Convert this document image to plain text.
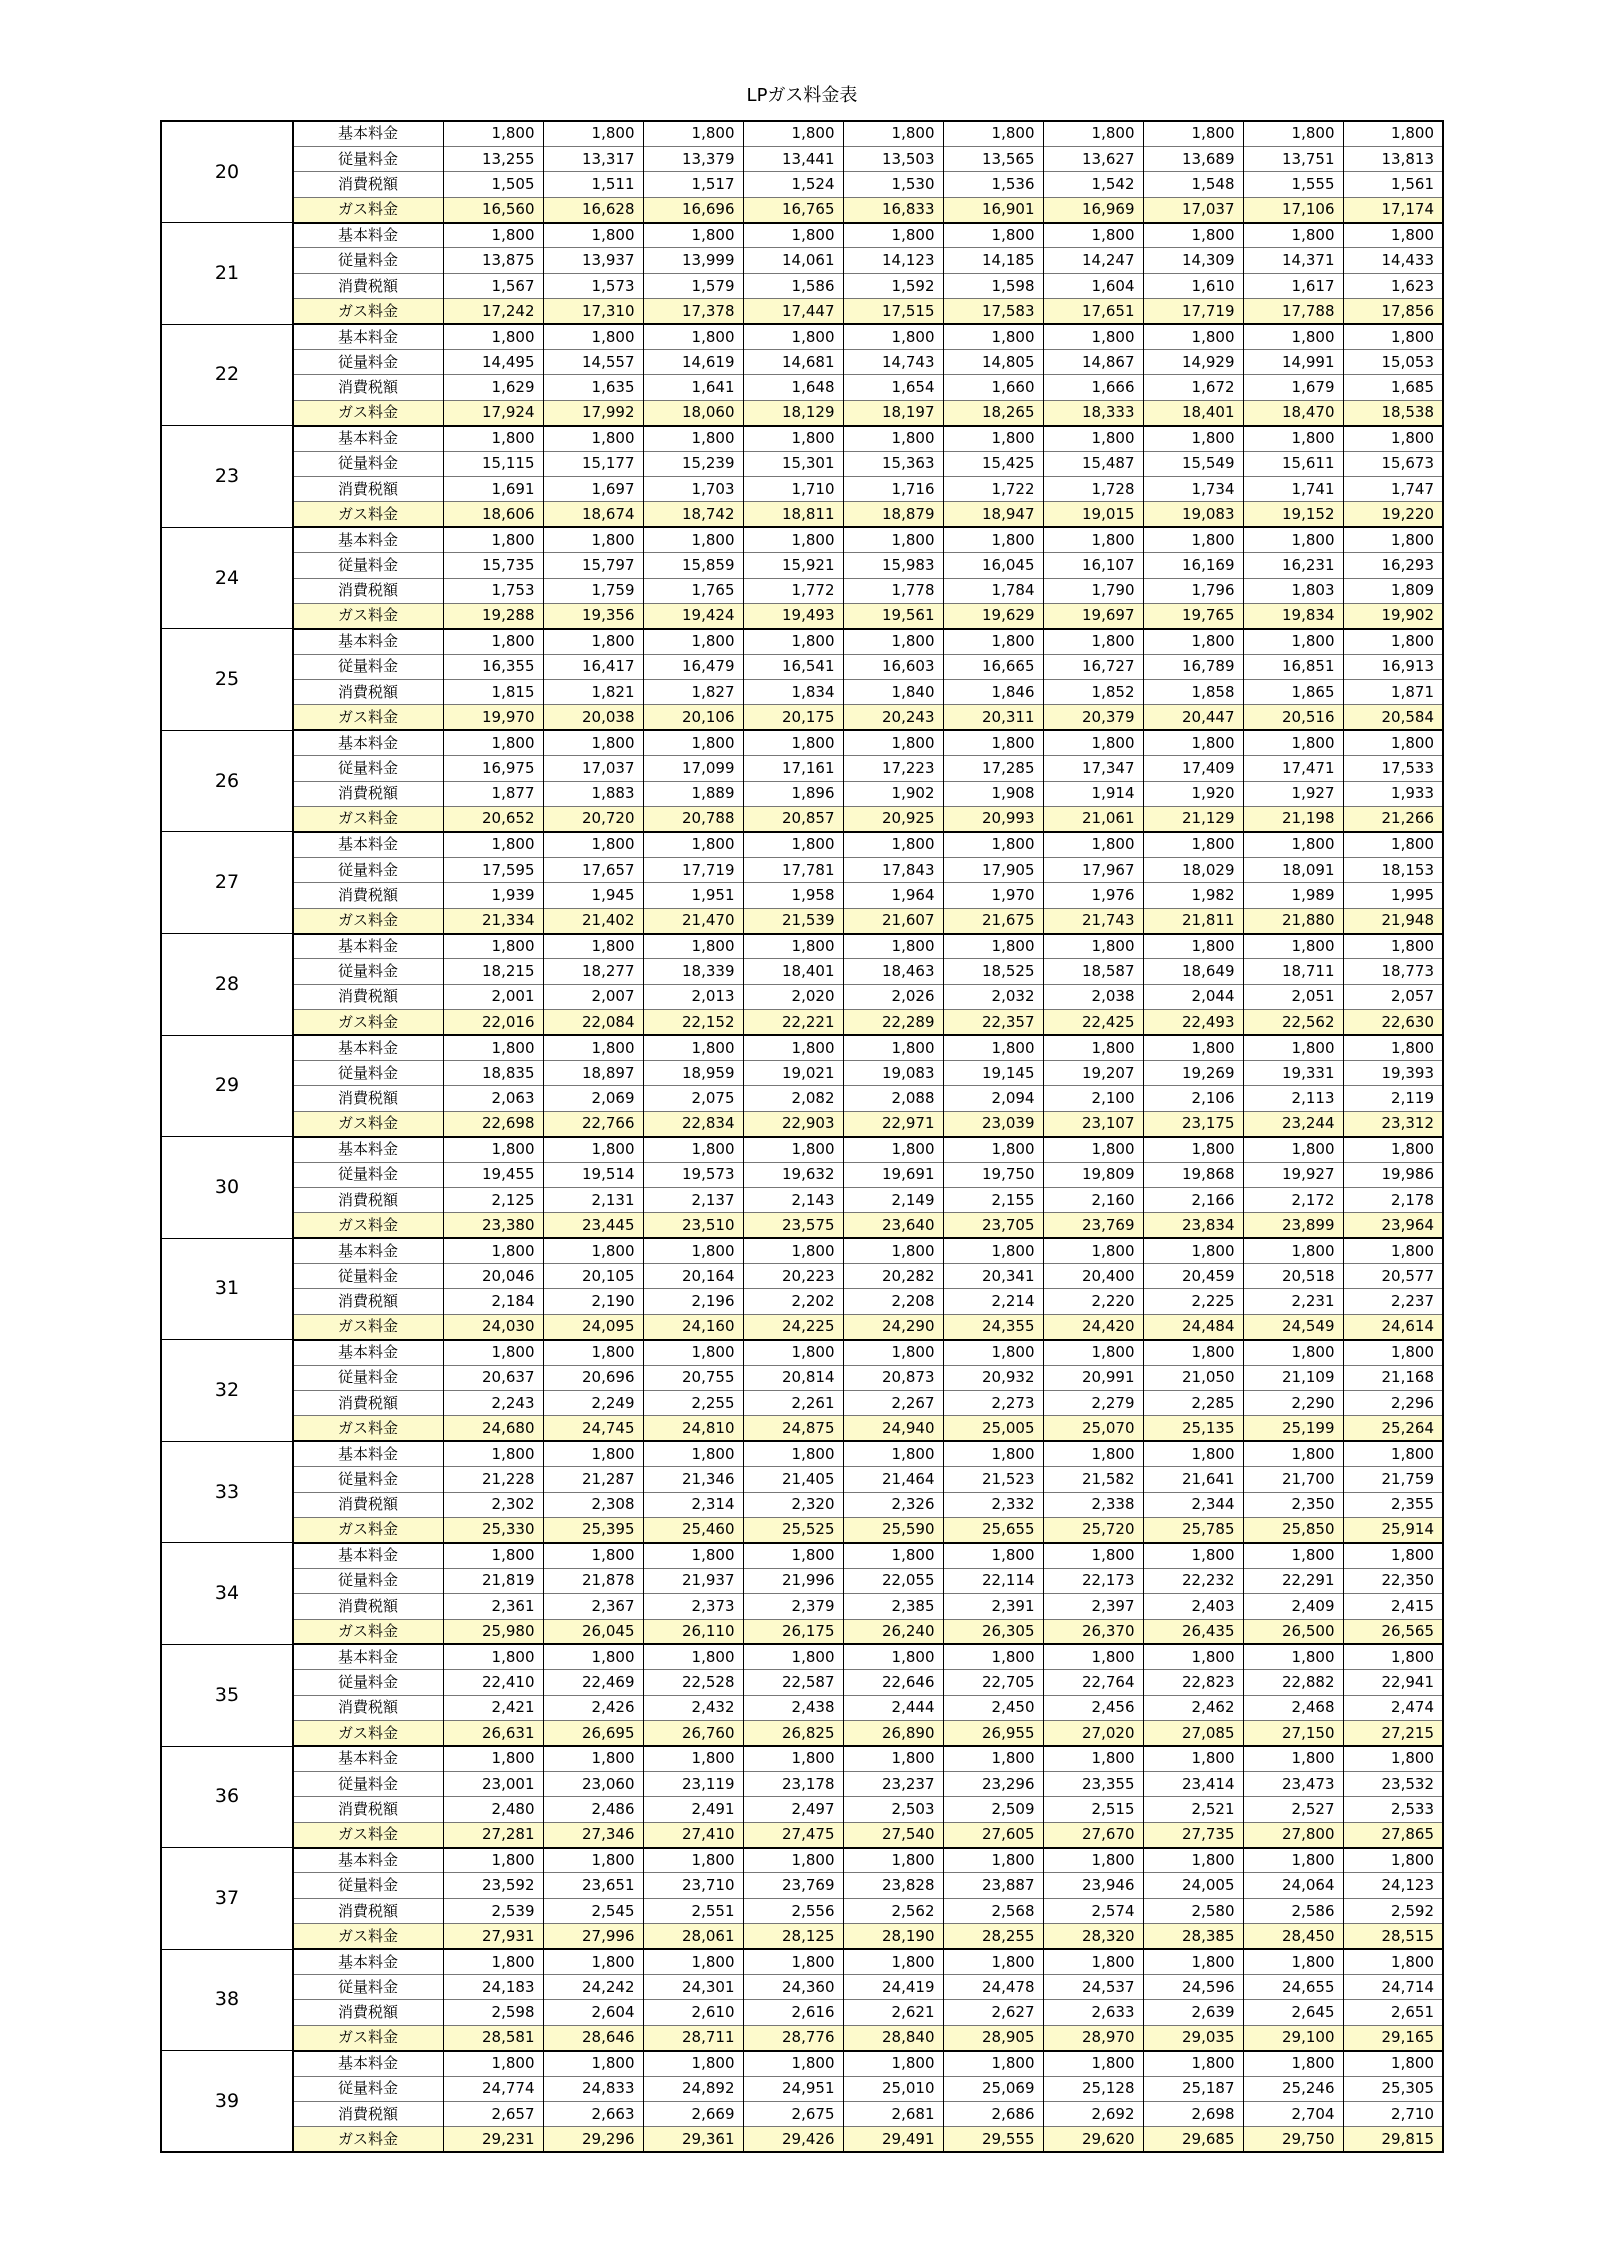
LPガス料金表
20	基本料金	1,800	1,800	1,800	1,800	1,800	1,800	1,800	1,800	1,800	1,800
	従量料金	13,255	13,317	13,379	13,441	13,503	13,565	13,627	13,689	13,751	13,813
	消費税額	1,505	1,511	1,517	1,524	1,530	1,536	1,542	1,548	1,555	1,561
	ガス料金	16,560	16,628	16,696	16,765	16,833	16,901	16,969	17,037	17,106	17,174
21	基本料金	1,800	1,800	1,800	1,800	1,800	1,800	1,800	1,800	1,800	1,800
	従量料金	13,875	13,937	13,999	14,061	14,123	14,185	14,247	14,309	14,371	14,433
	消費税額	1,567	1,573	1,579	1,586	1,592	1,598	1,604	1,610	1,617	1,623
	ガス料金	17,242	17,310	17,378	17,447	17,515	17,583	17,651	17,719	17,788	17,856
22	基本料金	1,800	1,800	1,800	1,800	1,800	1,800	1,800	1,800	1,800	1,800
	従量料金	14,495	14,557	14,619	14,681	14,743	14,805	14,867	14,929	14,991	15,053
	消費税額	1,629	1,635	1,641	1,648	1,654	1,660	1,666	1,672	1,679	1,685
	ガス料金	17,924	17,992	18,060	18,129	18,197	18,265	18,333	18,401	18,470	18,538
23	基本料金	1,800	1,800	1,800	1,800	1,800	1,800	1,800	1,800	1,800	1,800
	従量料金	15,115	15,177	15,239	15,301	15,363	15,425	15,487	15,549	15,611	15,673
	消費税額	1,691	1,697	1,703	1,710	1,716	1,722	1,728	1,734	1,741	1,747
	ガス料金	18,606	18,674	18,742	18,811	18,879	18,947	19,015	19,083	19,152	19,220
24	基本料金	1,800	1,800	1,800	1,800	1,800	1,800	1,800	1,800	1,800	1,800
	従量料金	15,735	15,797	15,859	15,921	15,983	16,045	16,107	16,169	16,231	16,293
	消費税額	1,753	1,759	1,765	1,772	1,778	1,784	1,790	1,796	1,803	1,809
	ガス料金	19,288	19,356	19,424	19,493	19,561	19,629	19,697	19,765	19,834	19,902
25	基本料金	1,800	1,800	1,800	1,800	1,800	1,800	1,800	1,800	1,800	1,800
	従量料金	16,355	16,417	16,479	16,541	16,603	16,665	16,727	16,789	16,851	16,913
	消費税額	1,815	1,821	1,827	1,834	1,840	1,846	1,852	1,858	1,865	1,871
	ガス料金	19,970	20,038	20,106	20,175	20,243	20,311	20,379	20,447	20,516	20,584
26	基本料金	1,800	1,800	1,800	1,800	1,800	1,800	1,800	1,800	1,800	1,800
	従量料金	16,975	17,037	17,099	17,161	17,223	17,285	17,347	17,409	17,471	17,533
	消費税額	1,877	1,883	1,889	1,896	1,902	1,908	1,914	1,920	1,927	1,933
	ガス料金	20,652	20,720	20,788	20,857	20,925	20,993	21,061	21,129	21,198	21,266
27	基本料金	1,800	1,800	1,800	1,800	1,800	1,800	1,800	1,800	1,800	1,800
	従量料金	17,595	17,657	17,719	17,781	17,843	17,905	17,967	18,029	18,091	18,153
	消費税額	1,939	1,945	1,951	1,958	1,964	1,970	1,976	1,982	1,989	1,995
	ガス料金	21,334	21,402	21,470	21,539	21,607	21,675	21,743	21,811	21,880	21,948
28	基本料金	1,800	1,800	1,800	1,800	1,800	1,800	1,800	1,800	1,800	1,800
	従量料金	18,215	18,277	18,339	18,401	18,463	18,525	18,587	18,649	18,711	18,773
	消費税額	2,001	2,007	2,013	2,020	2,026	2,032	2,038	2,044	2,051	2,057
	ガス料金	22,016	22,084	22,152	22,221	22,289	22,357	22,425	22,493	22,562	22,630
29	基本料金	1,800	1,800	1,800	1,800	1,800	1,800	1,800	1,800	1,800	1,800
	従量料金	18,835	18,897	18,959	19,021	19,083	19,145	19,207	19,269	19,331	19,393
	消費税額	2,063	2,069	2,075	2,082	2,088	2,094	2,100	2,106	2,113	2,119
	ガス料金	22,698	22,766	22,834	22,903	22,971	23,039	23,107	23,175	23,244	23,312
30	基本料金	1,800	1,800	1,800	1,800	1,800	1,800	1,800	1,800	1,800	1,800
	従量料金	19,455	19,514	19,573	19,632	19,691	19,750	19,809	19,868	19,927	19,986
	消費税額	2,125	2,131	2,137	2,143	2,149	2,155	2,160	2,166	2,172	2,178
	ガス料金	23,380	23,445	23,510	23,575	23,640	23,705	23,769	23,834	23,899	23,964
31	基本料金	1,800	1,800	1,800	1,800	1,800	1,800	1,800	1,800	1,800	1,800
	従量料金	20,046	20,105	20,164	20,223	20,282	20,341	20,400	20,459	20,518	20,577
	消費税額	2,184	2,190	2,196	2,202	2,208	2,214	2,220	2,225	2,231	2,237
	ガス料金	24,030	24,095	24,160	24,225	24,290	24,355	24,420	24,484	24,549	24,614
32	基本料金	1,800	1,800	1,800	1,800	1,800	1,800	1,800	1,800	1,800	1,800
	従量料金	20,637	20,696	20,755	20,814	20,873	20,932	20,991	21,050	21,109	21,168
	消費税額	2,243	2,249	2,255	2,261	2,267	2,273	2,279	2,285	2,290	2,296
	ガス料金	24,680	24,745	24,810	24,875	24,940	25,005	25,070	25,135	25,199	25,264
33	基本料金	1,800	1,800	1,800	1,800	1,800	1,800	1,800	1,800	1,800	1,800
	従量料金	21,228	21,287	21,346	21,405	21,464	21,523	21,582	21,641	21,700	21,759
	消費税額	2,302	2,308	2,314	2,320	2,326	2,332	2,338	2,344	2,350	2,355
	ガス料金	25,330	25,395	25,460	25,525	25,590	25,655	25,720	25,785	25,850	25,914
34	基本料金	1,800	1,800	1,800	1,800	1,800	1,800	1,800	1,800	1,800	1,800
	従量料金	21,819	21,878	21,937	21,996	22,055	22,114	22,173	22,232	22,291	22,350
	消費税額	2,361	2,367	2,373	2,379	2,385	2,391	2,397	2,403	2,409	2,415
	ガス料金	25,980	26,045	26,110	26,175	26,240	26,305	26,370	26,435	26,500	26,565
35	基本料金	1,800	1,800	1,800	1,800	1,800	1,800	1,800	1,800	1,800	1,800
	従量料金	22,410	22,469	22,528	22,587	22,646	22,705	22,764	22,823	22,882	22,941
	消費税額	2,421	2,426	2,432	2,438	2,444	2,450	2,456	2,462	2,468	2,474
	ガス料金	26,631	26,695	26,760	26,825	26,890	26,955	27,020	27,085	27,150	27,215
36	基本料金	1,800	1,800	1,800	1,800	1,800	1,800	1,800	1,800	1,800	1,800
	従量料金	23,001	23,060	23,119	23,178	23,237	23,296	23,355	23,414	23,473	23,532
	消費税額	2,480	2,486	2,491	2,497	2,503	2,509	2,515	2,521	2,527	2,533
	ガス料金	27,281	27,346	27,410	27,475	27,540	27,605	27,670	27,735	27,800	27,865
37	基本料金	1,800	1,800	1,800	1,800	1,800	1,800	1,800	1,800	1,800	1,800
	従量料金	23,592	23,651	23,710	23,769	23,828	23,887	23,946	24,005	24,064	24,123
	消費税額	2,539	2,545	2,551	2,556	2,562	2,568	2,574	2,580	2,586	2,592
	ガス料金	27,931	27,996	28,061	28,125	28,190	28,255	28,320	28,385	28,450	28,515
38	基本料金	1,800	1,800	1,800	1,800	1,800	1,800	1,800	1,800	1,800	1,800
	従量料金	24,183	24,242	24,301	24,360	24,419	24,478	24,537	24,596	24,655	24,714
	消費税額	2,598	2,604	2,610	2,616	2,621	2,627	2,633	2,639	2,645	2,651
	ガス料金	28,581	28,646	28,711	28,776	28,840	28,905	28,970	29,035	29,100	29,165
39	基本料金	1,800	1,800	1,800	1,800	1,800	1,800	1,800	1,800	1,800	1,800
	従量料金	24,774	24,833	24,892	24,951	25,010	25,069	25,128	25,187	25,246	25,305
	消費税額	2,657	2,663	2,669	2,675	2,681	2,686	2,692	2,698	2,704	2,710
	ガス料金	29,231	29,296	29,361	29,426	29,491	29,555	29,620	29,685	29,750	29,815
